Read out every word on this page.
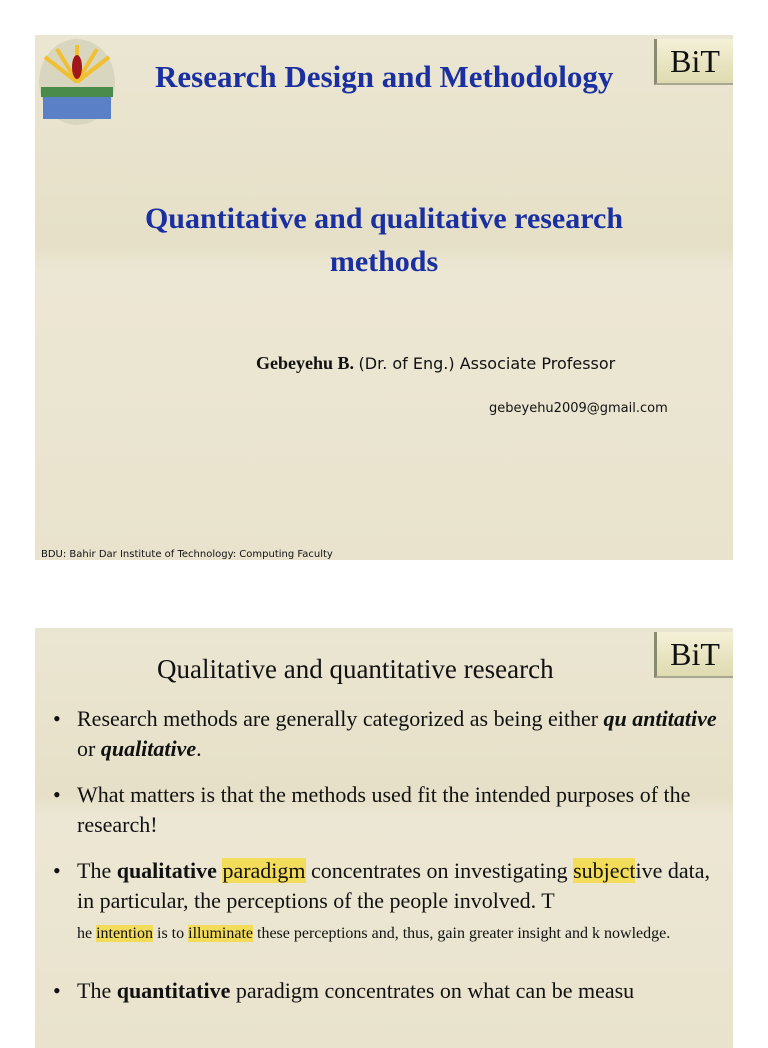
Research Design and Methodology	BiT
Quantitative and qualitative research
methods
Gebeyehu B. (Dr. of Eng.) Associate Professor
gebeyehu2009@gmail.com
BDU: Bahir Dar Institute of Technology: Computing Faculty
Qualitative and quantitative research	BiT
• Research methods are generally categorized as being either qu antitative or qualitative.
• What matters is that the methods used fit the intended purposes of the research!
• The qualitative paradigm concentrates on investigating subjective data, in particular, the perceptions of the people involved. T
he intention is to illuminate these perceptions and, thus, gain greater insight and k nowledge.
• The quantitative paradigm concentrates on what can be measu
